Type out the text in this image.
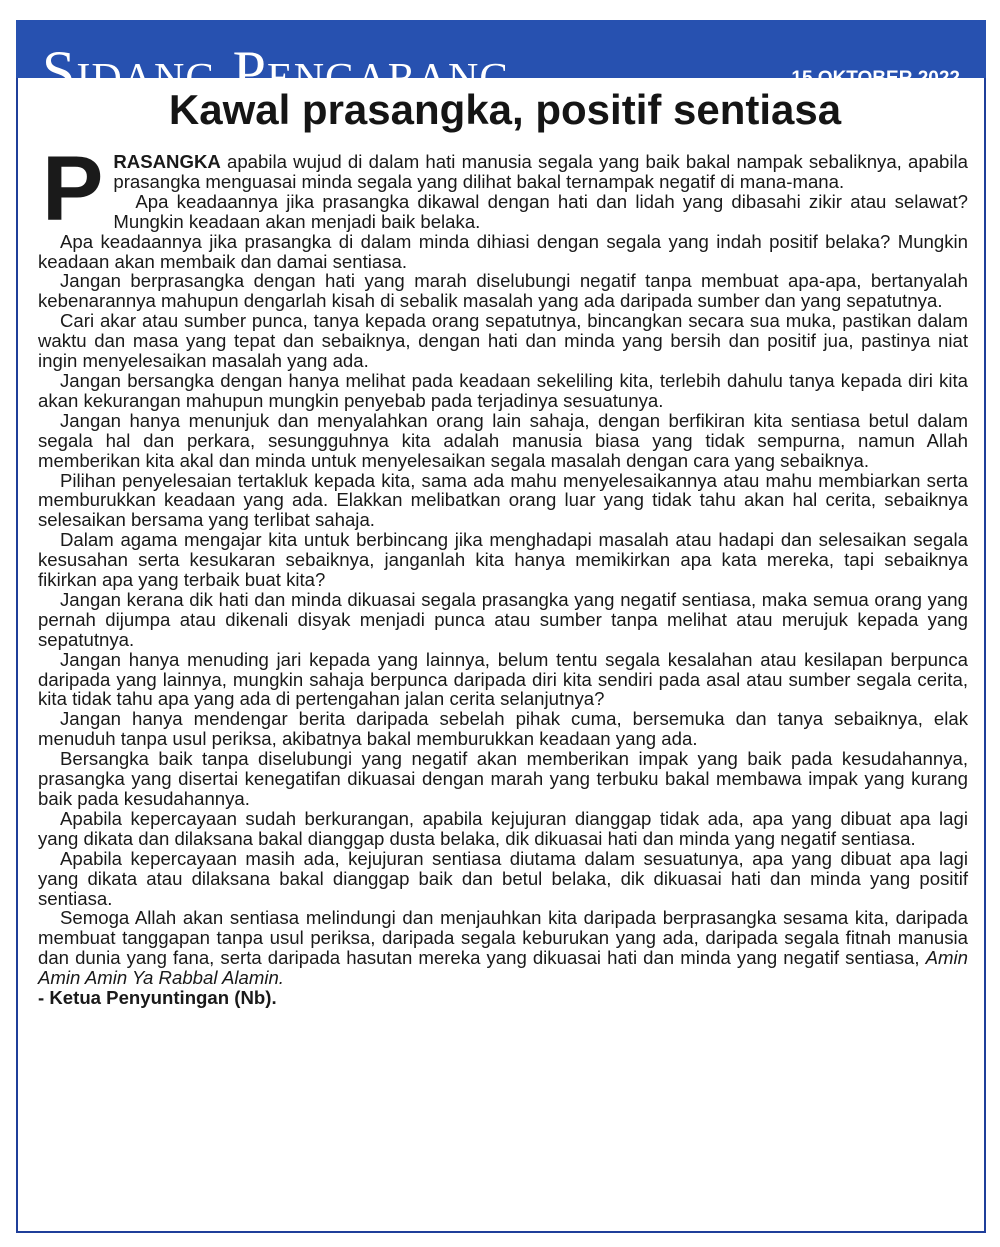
Sidang Pengarang	15 OKTOBER 2022
Kawal prasangka, positif sentiasa

PRASANGKA apabila wujud di dalam hati manusia segala yang baik bakal nampak sebaliknya, apabila prasangka menguasai minda segala yang dilihat bakal ternampak negatif di mana-mana.

Apa keadaannya jika prasangka dikawal dengan hati dan lidah yang dibasahi zikir atau selawat? Mungkin keadaan akan menjadi baik belaka.

Apa keadaannya jika prasangka di dalam minda dihiasi dengan segala yang indah positif belaka? Mungkin keadaan akan membaik dan damai sentiasa.

Jangan berprasangka dengan hati yang marah diselubungi negatif tanpa membuat apa-apa, bertanyalah kebenarannya mahupun dengarlah kisah di sebalik masalah yang ada daripada sumber dan yang sepatutnya.

Cari akar atau sumber punca, tanya kepada orang sepatutnya, bincangkan secara sua muka, pastikan dalam waktu dan masa yang tepat dan sebaiknya, dengan hati dan minda yang bersih dan positif jua, pastinya niat ingin menyelesaikan masalah yang ada.

Jangan bersangka dengan hanya melihat pada keadaan sekeliling kita, terlebih dahulu tanya kepada diri kita akan kekurangan mahupun mungkin penyebab pada terjadinya sesuatunya.

Jangan hanya menunjuk dan menyalahkan orang lain sahaja, dengan berfikiran kita sentiasa betul dalam segala hal dan perkara, sesungguhnya kita adalah manusia biasa yang tidak sempurna, namun Allah memberikan kita akal dan minda untuk menyelesaikan segala masalah dengan cara yang sebaiknya.

Pilihan penyelesaian tertakluk kepada kita, sama ada mahu menyelesaikannya atau mahu membiarkan serta memburukkan keadaan yang ada. Elakkan melibatkan orang luar yang tidak tahu akan hal cerita, sebaiknya selesaikan bersama yang terlibat sahaja.

Dalam agama mengajar kita untuk berbincang jika menghadapi masalah atau hadapi dan selesaikan segala kesusahan serta kesukaran sebaiknya, janganlah kita hanya memikirkan apa kata mereka, tapi sebaiknya fikirkan apa yang terbaik buat kita?

Jangan kerana dik hati dan minda dikuasai segala prasangka yang negatif sentiasa, maka semua orang yang pernah dijumpa atau dikenali disyak menjadi punca atau sumber tanpa melihat atau merujuk kepada yang sepatutnya.

Jangan hanya menuding jari kepada yang lainnya, belum tentu segala kesalahan atau kesilapan berpunca daripada yang lainnya, mungkin sahaja berpunca daripada diri kita sendiri pada asal atau sumber segala cerita, kita tidak tahu apa yang ada di pertengahan jalan cerita selanjutnya?

Jangan hanya mendengar berita daripada sebelah pihak cuma, bersemuka dan tanya sebaiknya, elak menuduh tanpa usul periksa, akibatnya bakal memburukkan keadaan yang ada.

Bersangka baik tanpa diselubungi yang negatif akan memberikan impak yang baik pada kesudahannya, prasangka yang disertai kenegatifan dikuasai dengan marah yang terbuku bakal membawa impak yang kurang baik pada kesudahannya.

Apabila kepercayaan sudah berkurangan, apabila kejujuran dianggap tidak ada, apa yang dibuat apa lagi yang dikata dan dilaksana bakal dianggap dusta belaka, dik dikuasai hati dan minda yang negatif sentiasa.

Apabila kepercayaan masih ada, kejujuran sentiasa diutama dalam sesuatunya, apa yang dibuat apa lagi yang dikata atau dilaksana bakal dianggap baik dan betul belaka, dik dikuasai hati dan minda yang positif sentiasa.

Semoga Allah akan sentiasa melindungi dan menjauhkan kita daripada berprasangka sesama kita, daripada membuat tanggapan tanpa usul periksa, daripada segala keburukan yang ada, daripada segala fitnah manusia dan dunia yang fana, serta daripada hasutan mereka yang dikuasai hati dan minda yang negatif sentiasa, Amin Amin Amin Ya Rabbal Alamin.

- Ketua Penyuntingan (Nb).
